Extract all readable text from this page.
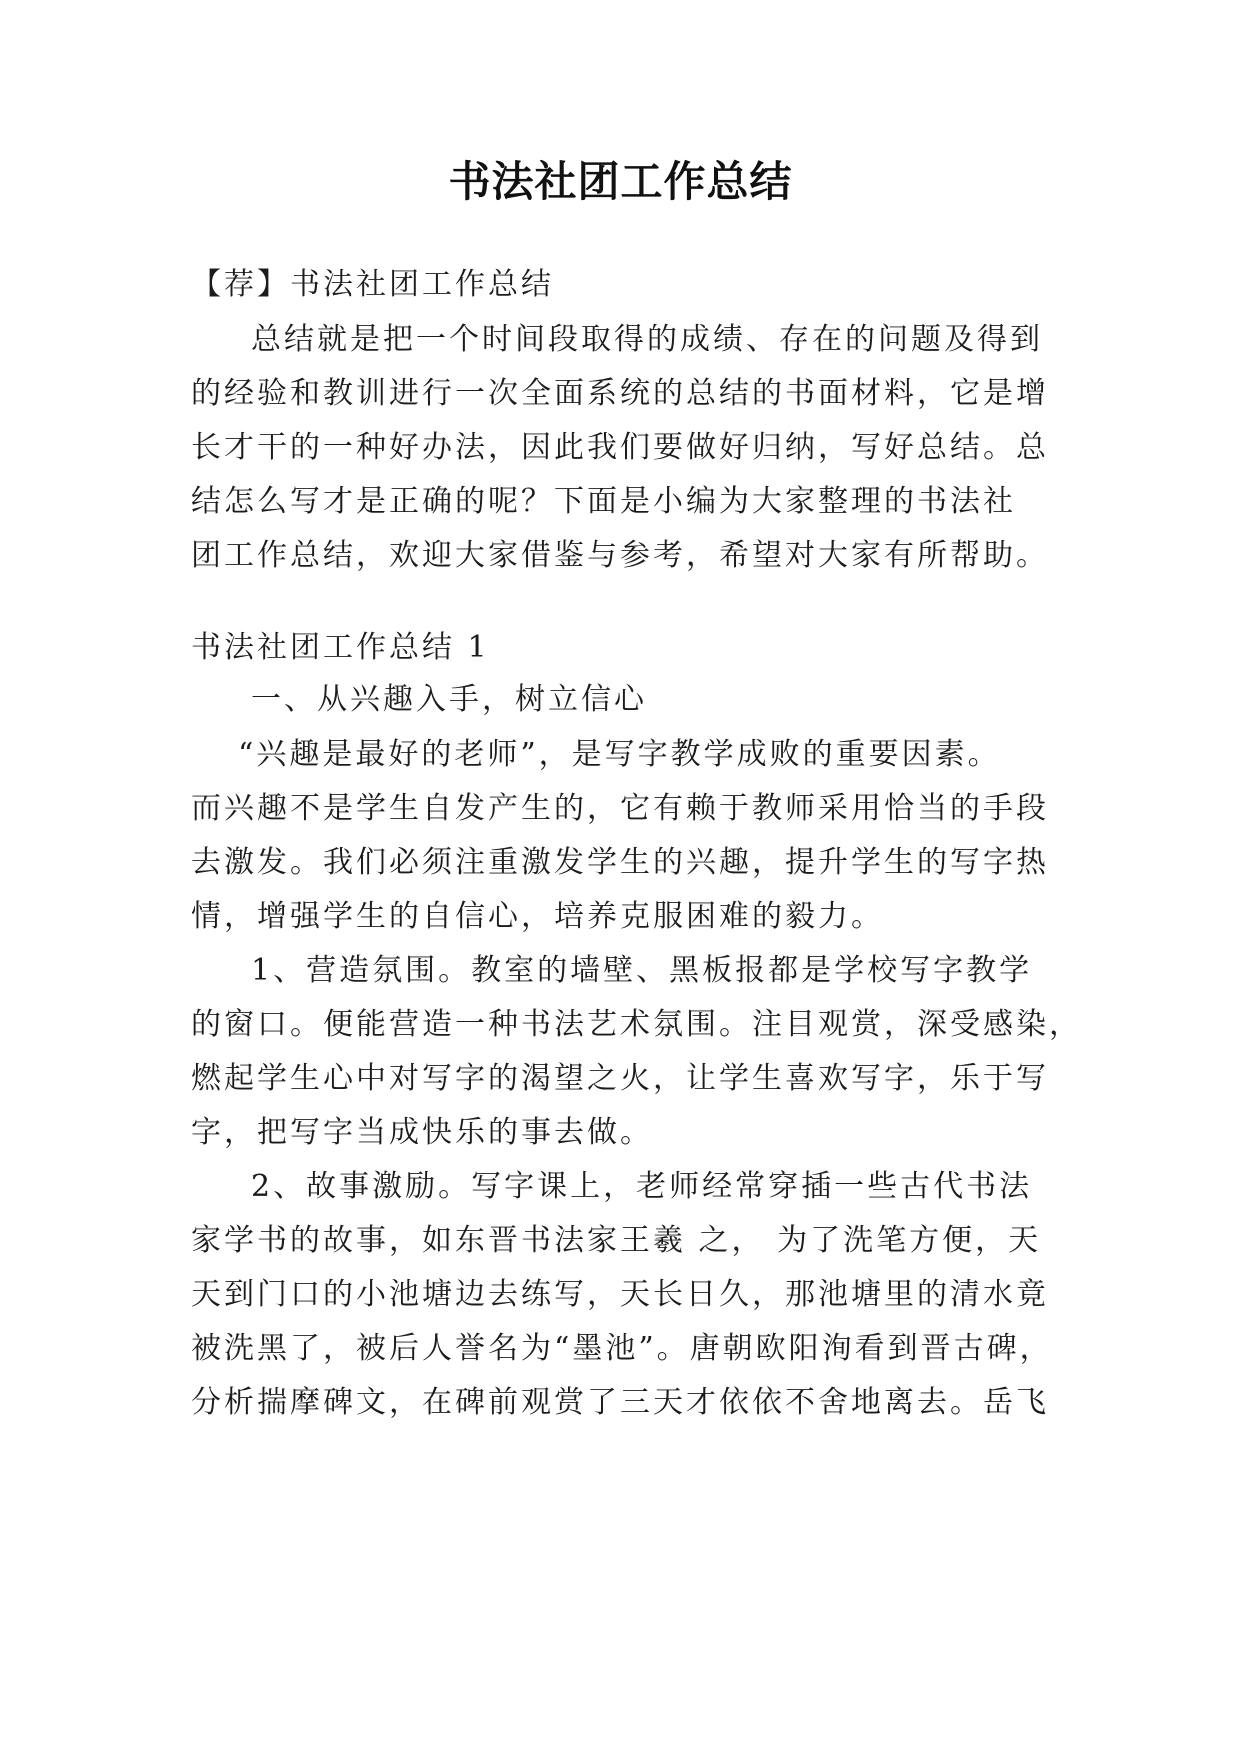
书法社团工作总结
【荐】书法社团工作总结
总结就是把一个时间段取得的成绩、存在的问题及得到
的经验和教训进行一次全面系统的总结的书面材料，它是增
长才干的一种好办法，因此我们要做好归纳，写好总结。总
结怎么写才是正确的呢？下面是小编为大家整理的书法社
团工作总结，欢迎大家借鉴与参考，希望对大家有所帮助。
书法社团工作总结 1
一、从兴趣入手，树立信心
“兴趣是最好的老师”，是写字教学成败的重要因素。
而兴趣不是学生自发产生的，它有赖于教师采用恰当的手段
去激发。我们必须注重激发学生的兴趣，提升学生的写字热
情，增强学生的自信心，培养克服困难的毅力。
1、营造氛围。教室的墙壁、黑板报都是学校写字教学
的窗口。便能营造一种书法艺术氛围。注目观赏，深受感染，
燃起学生心中对写字的渴望之火，让学生喜欢写字，乐于写
字，把写字当成快乐的事去做。
2、故事激励。写字课上，老师经常穿插一些古代书法
家学书的故事，如东晋书法家王羲 之， 为了洗笔方便，天
天到门口的小池塘边去练写，天长日久，那池塘里的清水竟
被洗黑了，被后人誉名为“墨池”。唐朝欧阳洵看到晋古碑，
分析揣摩碑文，在碑前观赏了三天才依依不舍地离去。岳飞
